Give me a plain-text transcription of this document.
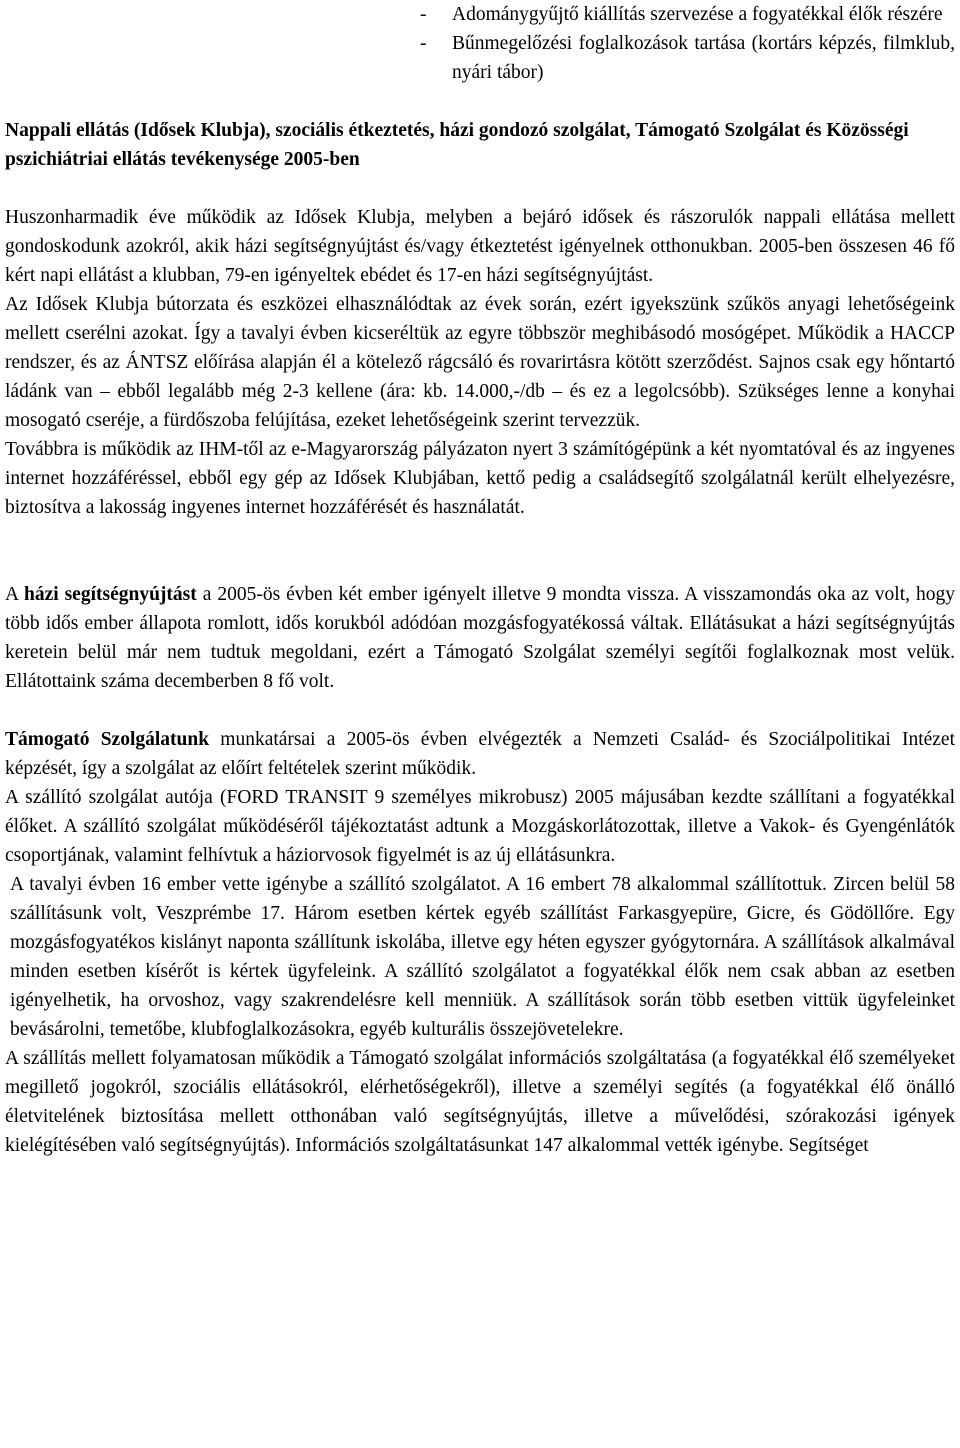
-	Adománygyűjtő kiállítás szervezése a fogyatékkal élők részére
-	Bűnmegelőzési foglalkozások tartása (kortárs képzés, filmklub, nyári tábor)

Nappali ellátás (Idősek Klubja), szociális étkeztetés, házi gondozó szolgálat, Támogató Szolgálat és Közösségi pszichiátriai ellátás tevékenysége 2005-ben

Huszonharmadik éve működik az Idősek Klubja, melyben a bejáró idősek és rászorulók nappali ellátása mellett gondoskodunk azokról, akik házi segítségnyújtást és/vagy étkeztetést igényelnek otthonukban. 2005-ben összesen 46 fő kért napi ellátást a klubban, 79-en igényeltek ebédet és 17-en házi segítségnyújtást.

Az Idősek Klubja bútorzata és eszközei elhasználódtak az évek során, ezért igyekszünk szűkös anyagi lehetőségeink mellett cserélni azokat. Így a tavalyi évben kicseréltük az egyre többször meghibásodó mosógépet. Működik a HACCP rendszer, és az ÁNTSZ előírása alapján él a kötelező rágcsáló és rovarirtásra kötött szerződést. Sajnos csak egy hőntartó ládánk van – ebből legalább még 2-3 kellene (ára: kb. 14.000,-/db – és ez a legolcsóbb). Szükséges lenne a konyhai mosogató cseréje, a fürdőszoba felújítása, ezeket lehetőségeink szerint tervezzük.

Továbbra is működik az IHM-től az e-Magyarország pályázaton nyert 3 számítógépünk a két nyomtatóval és az ingyenes internet hozzáféréssel, ebből egy gép az Idősek Klubjában, kettő pedig a családsegítő szolgálatnál került elhelyezésre, biztosítva a lakosság ingyenes internet hozzáférését és használatát.

A házi segítségnyújtást a 2005-ös évben két ember igényelt illetve 9 mondta vissza. A visszamondás oka az volt, hogy több idős ember állapota romlott, idős korukból adódóan mozgásfogyatékossá váltak. Ellátásukat a házi segítségnyújtás keretein belül már nem tudtuk megoldani, ezért a Támogató Szolgálat személyi segítői foglalkoznak most velük. Ellátottaink száma decemberben 8 fő volt.

Támogató Szolgálatunk munkatársai a 2005-ös évben elvégezték a Nemzeti Család- és Szociálpolitikai Intézet képzését, így a szolgálat az előírt feltételek szerint működik.

A szállító szolgálat autója (FORD TRANSIT 9 személyes mikrobusz) 2005 májusában kezdte szállítani a fogyatékkal élőket. A szállító szolgálat működéséről tájékoztatást adtunk a Mozgáskorlátozottak, illetve a Vakok- és Gyengénlátók csoportjának, valamint felhívtuk a háziorvosok figyelmét is az új ellátásunkra.

A tavalyi évben 16 ember vette igénybe a szállító szolgálatot. A 16 embert 78 alkalommal szállítottuk. Zircen belül 58 szállításunk volt, Veszprémbe 17. Három esetben kértek egyéb szállítást Farkasgyepüre, Gicre, és Gödöllőre. Egy mozgásfogyatékos kislányt naponta szállítunk iskolába, illetve egy héten egyszer gyógytornára. A szállítások alkalmával minden esetben kísérőt is kértek ügyfeleink. A szállító szolgálatot a fogyatékkal élők nem csak abban az esetben igényelhetik, ha orvoshoz, vagy szakrendelésre kell menniük. A szállítások során több esetben vittük ügyfeleinket bevásárolni, temetőbe, klubfoglalkozásokra, egyéb kulturális összejövetelekre.

A szállítás mellett folyamatosan működik a Támogató szolgálat információs szolgáltatása (a fogyatékkal élő személyeket megillető jogokról, szociális ellátásokról, elérhetőségekről), illetve a személyi segítés (a fogyatékkal élő önálló életvitelének biztosítása mellett otthonában való segítségnyújtás, illetve a művelődési, szórakozási igények kielégítésében való segítségnyújtás). Információs szolgáltatásunkat 147 alkalommal vették igénybe. Segítséget
